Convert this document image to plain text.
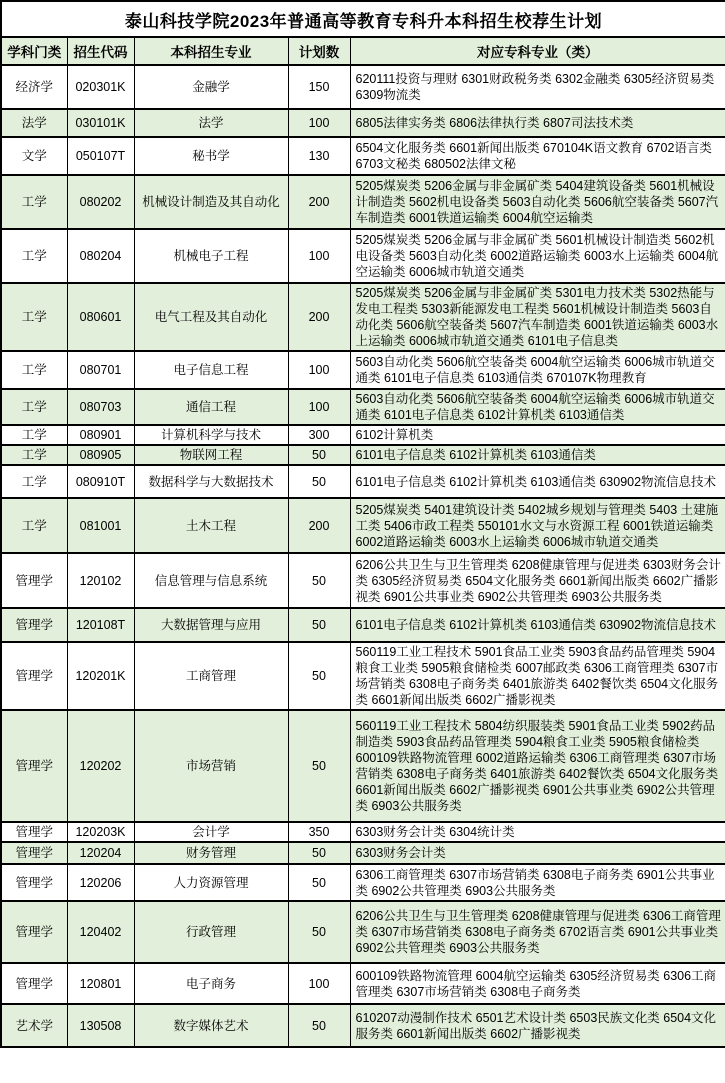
泰山科技学院2023年普通高等教育专科升本科招生校荐生计划				
学科门类	招生代码	本科招生专业	计划数	对应专科专业（类）
经济学	020301K	金融学	150	620111投资与理财 6301财政税务类 6302金融类 6305经济贸易类 6309物流类
法学	030101K	法学	100	6805法律实务类 6806法律执行类 6807司法技术类
文学	050107T	秘书学	130	6504文化服务类 6601新闻出版类 670104K语文教育 6702语言类 6703文秘类 680502法律文秘
工学	080202	机械设计制造及其自动化	200	5205煤炭类 5206金属与非金属矿类 5404建筑设备类 5601机械设计制造类 5602机电设备类 5603自动化类 5606航空装备类 5607汽车制造类 6001铁道运输类 6004航空运输类
工学	080204	机械电子工程	100	5205煤炭类 5206金属与非金属矿类 5601机械设计制造类 5602机电设备类 5603自动化类 6002道路运输类 6003水上运输类 6004航空运输类 6006城市轨道交通类
工学	080601	电气工程及其自动化	200	5205煤炭类 5206金属与非金属矿类 5301电力技术类 5302热能与发电工程类 5303新能源发电工程类 5601机械设计制造类 5603自动化类 5606航空装备类 5607汽车制造类 6001铁道运输类 6003水上运输类 6006城市轨道交通类 6101电子信息类
工学	080701	电子信息工程	100	5603自动化类 5606航空装备类 6004航空运输类 6006城市轨道交通类 6101电子信息类 6103通信类 670107K物理教育
工学	080703	通信工程	100	5603自动化类 5606航空装备类 6004航空运输类 6006城市轨道交通类 6101电子信息类 6102计算机类 6103通信类
工学	080901	计算机科学与技术	300	6102计算机类
工学	080905	物联网工程	50	6101电子信息类 6102计算机类 6103通信类
工学	080910T	数据科学与大数据技术	50	6101电子信息类 6102计算机类 6103通信类 630902物流信息技术
工学	081001	土木工程	200	5205煤炭类 5401建筑设计类 5402城乡规划与管理类 5403 土建施工类 5406市政工程类 550101水文与水资源工程 6001铁道运输类 6002道路运输类 6003水上运输类 6006城市轨道交通类
管理学	120102	信息管理与信息系统	50	6206公共卫生与卫生管理类 6208健康管理与促进类 6303财务会计类 6305经济贸易类 6504文化服务类 6601新闻出版类 6602广播影视类 6901公共事业类 6902公共管理类 6903公共服务类
管理学	120108T	大数据管理与应用	50	6101电子信息类 6102计算机类 6103通信类 630902物流信息技术
管理学	120201K	工商管理	50	560119工业工程技术 5901食品工业类 5903食品药品管理类 5904粮食工业类 5905粮食储检类 6007邮政类 6306工商管理类 6307市场营销类 6308电子商务类 6401旅游类 6402餐饮类 6504文化服务类 6601新闻出版类 6602广播影视类
管理学	120202	市场营销	50	560119工业工程技术 5804纺织服装类 5901食品工业类 5902药品制造类 5903食品药品管理类 5904粮食工业类 5905粮食储检类 600109铁路物流管理 6002道路运输类 6306工商管理类 6307市场营销类 6308电子商务类 6401旅游类 6402餐饮类 6504文化服务类 6601新闻出版类 6602广播影视类 6901公共事业类 6902公共管理类 6903公共服务类
管理学	120203K	会计学	350	6303财务会计类 6304统计类
管理学	120204	财务管理	50	6303财务会计类
管理学	120206	人力资源管理	50	6306工商管理类 6307市场营销类 6308电子商务类 6901公共事业类 6902公共管理类 6903公共服务类
管理学	120402	行政管理	50	6206公共卫生与卫生管理类 6208健康管理与促进类 6306工商管理类 6307市场营销类 6308电子商务类 6702语言类 6901公共事业类 6902公共管理类 6903公共服务类
管理学	120801	电子商务	100	600109铁路物流管理 6004航空运输类 6305经济贸易类 6306工商管理类 6307市场营销类 6308电子商务类
艺术学	130508	数字媒体艺术	50	610207动漫制作技术 6501艺术设计类 6503民族文化类 6504文化服务类 6601新闻出版类 6602广播影视类
